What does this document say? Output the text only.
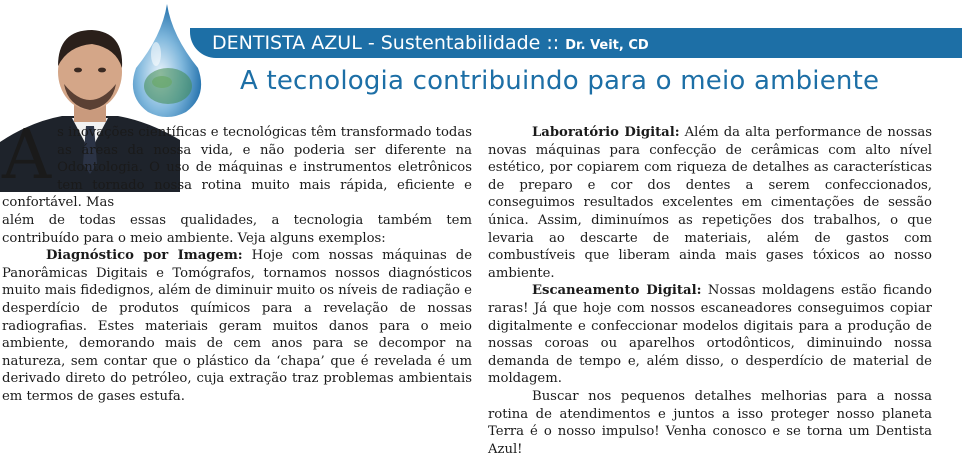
DENTISTA AZUL - Sustentabilidade :: Dr. Veit, CD
A tecnologia contribuindo para o meio ambiente

As inovações científicas e tecnológicas têm transformado todas as áreas da nossa vida, e não poderia ser diferente na Odontologia. O uso de máquinas e instrumentos eletrônicos tem tornado nossa rotina muito mais rápida, eficiente e confortável. Mas

além de todas essas qualidades, a tecnologia também tem contribuído para o meio ambiente. Veja alguns exemplos:

Diagnóstico por Imagem: Hoje com nossas máquinas de Panorâmicas Digitais e Tomógrafos, tornamos nossos diagnósticos muito mais fidedignos, além de diminuir muito os níveis de radiação e desperdício de produtos químicos para a revelação de nossas radiografias. Estes materiais geram muitos danos para o meio ambiente, demorando mais de cem anos para se decompor na natureza, sem contar que o plástico da ‘chapa’ que é revelada é um derivado direto do petróleo, cuja extração traz problemas ambientais em termos de gases estufa.

Laboratório Digital: Além da alta performance de nossas novas máquinas para confecção de cerâmicas com alto nível estético, por copiarem com riqueza de detalhes as características de preparo e cor dos dentes a serem confeccionados, conseguimos resultados excelentes em cimentações de sessão única. Assim, diminuímos as repetições dos trabalhos, o que levaria ao descarte de materiais, além de gastos com combustíveis que liberam ainda mais gases tóxicos ao nosso ambiente.

Escaneamento Digital: Nossas moldagens estão ficando raras! Já que hoje com nossos escaneadores conseguimos copiar digitalmente e confeccionar modelos digitais para a produção de nossas coroas ou aparelhos ortodônticos, diminuindo nossa demanda de tempo e, além disso, o desperdício de material de moldagem.

Buscar nos pequenos detalhes melhorias para a nossa rotina de atendimentos e juntos a isso proteger nosso planeta Terra é o nosso impulso! Venha conosco e se torna um Dentista Azul!
